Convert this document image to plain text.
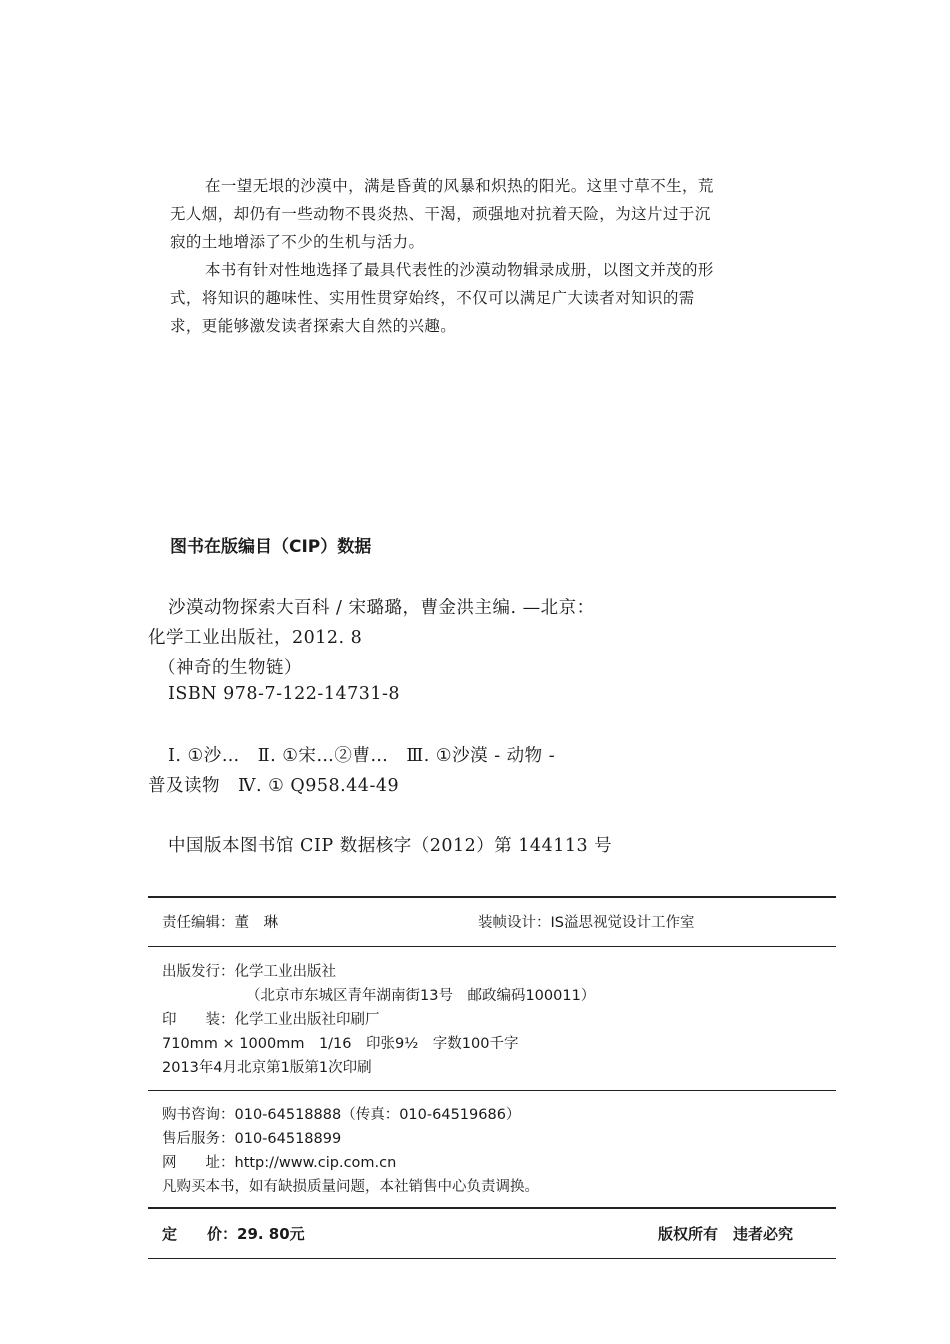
在一望无垠的沙漠中，满是昏黄的风暴和炽热的阳光。这里寸草不生，荒

无人烟，却仍有一些动物不畏炎热、干渴，顽强地对抗着天险，为这片过于沉

寂的土地增添了不少的生机与活力。

本书有针对性地选择了最具代表性的沙漠动物辑录成册，以图文并茂的形

式，将知识的趣味性、实用性贯穿始终，不仅可以满足广大读者对知识的需

求，更能够激发读者探索大自然的兴趣。

图书在版编目（CIP）数据
沙漠动物探索大百科 / 宋璐璐，曹金洪主编. —北京：
化学工业出版社，2012. 8
（神奇的生物链）
ISBN 978-7-122-14731-8
Ⅰ. ①沙…　Ⅱ. ①宋…②曹…　Ⅲ. ①沙漠 - 动物 -
普及读物　Ⅳ. ① Q958.44-49
中国版本图书馆 CIP 数据核字（2012）第 144113 号
责任编辑：董　琳	装帧设计：IS溢思视觉设计工作室
出版发行：化学工业出版社
（北京市东城区青年湖南街13号　邮政编码100011）
印　　装：化学工业出版社印刷厂
710mm × 1000mm　1/16　印张9½　字数100千字
2013年4月北京第1版第1次印刷
购书咨询：010-64518888（传真：010-64519686）
售后服务：010-64518899
网　　址：http://www.cip.com.cn
凡购买本书，如有缺损质量问题，本社销售中心负责调换。
定　　价：29. 80元	版权所有　违者必究
